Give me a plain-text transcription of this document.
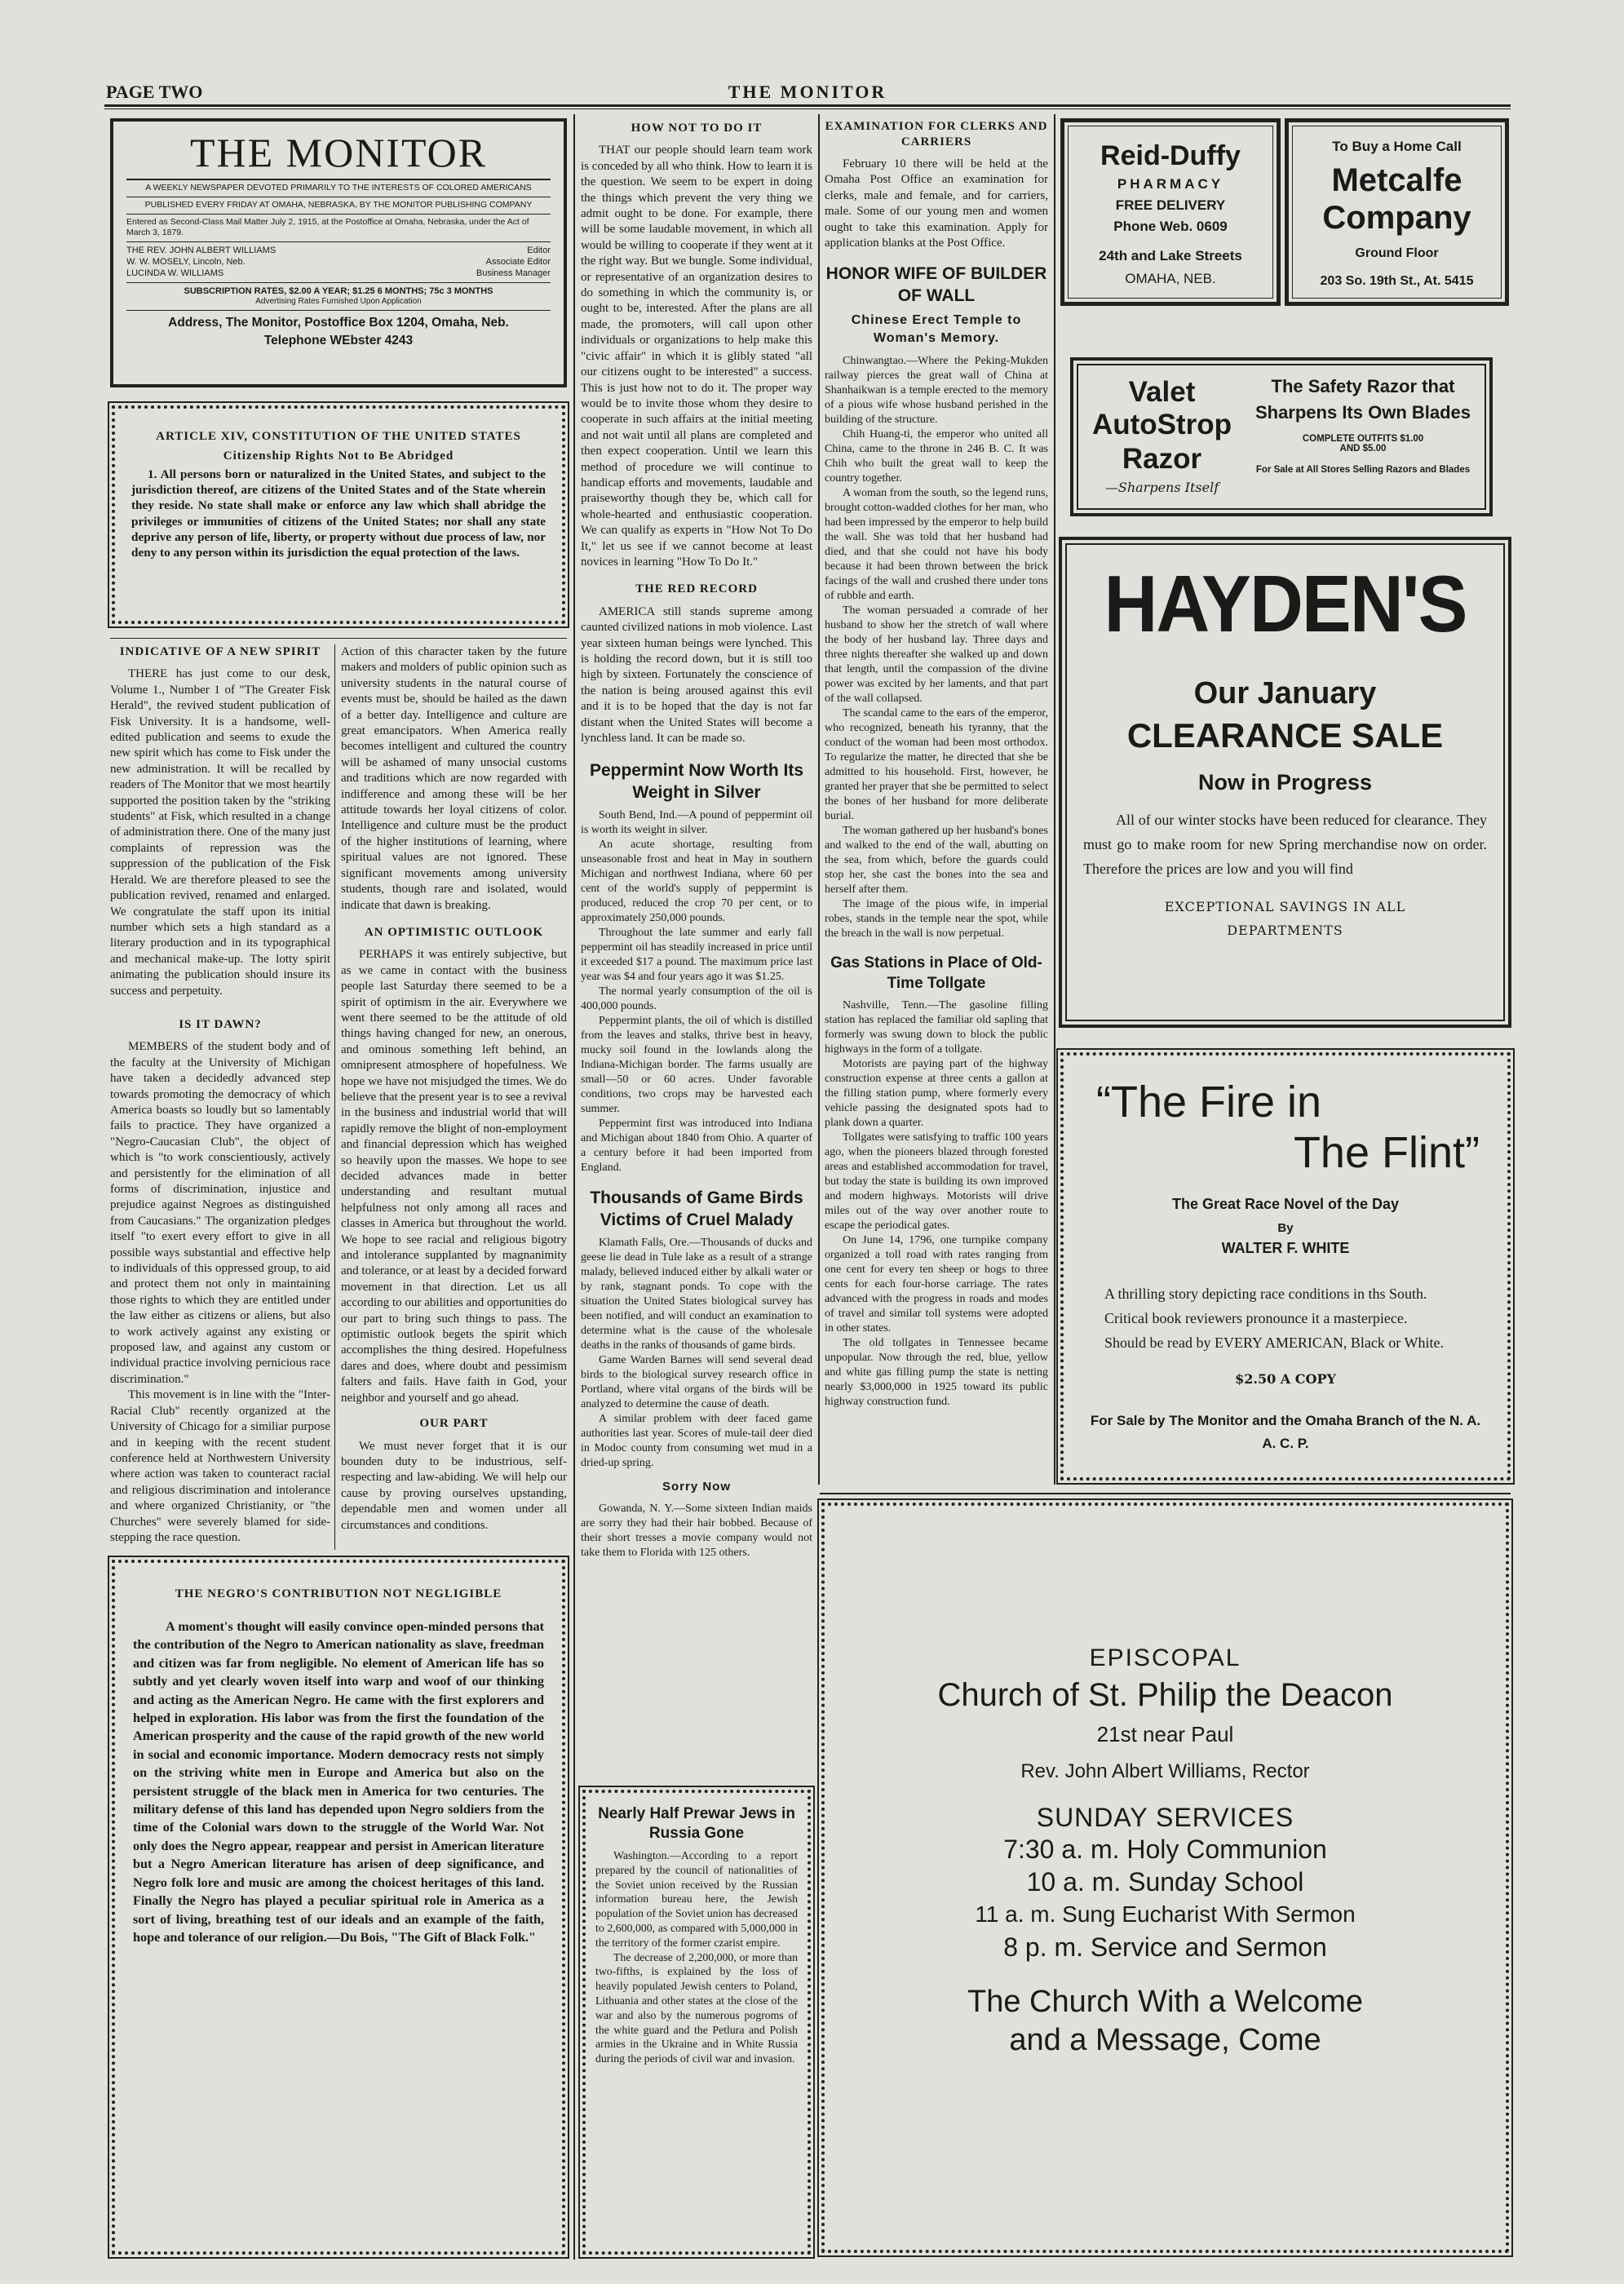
PAGE TWO	THE MONITOR
THE MONITOR
A WEEKLY NEWSPAPER DEVOTED PRIMARILY TO THE INTERESTS OF COLORED AMERICANS
PUBLISHED EVERY FRIDAY AT OMAHA, NEBRASKA, BY THE MONITOR PUBLISHING COMPANY
Entered as Second-Class Mail Matter July 2, 1915, at the Postoffice at Omaha, Nebraska, under the Act of March 3, 1879.
THE REV. JOHN ALBERT WILLIAMS	Editor
W. W. MOSELY, Lincoln, Neb.	Associate Editor
LUCINDA W. WILLIAMS	Business Manager
SUBSCRIPTION RATES, $2.00 A YEAR; $1.25 6 MONTHS; 75c 3 MONTHS
Advertising Rates Furnished Upon Application
Address, The Monitor, Postoffice Box 1204, Omaha, Neb.
Telephone WEbster 4243
ARTICLE XIV, CONSTITUTION OF THE UNITED STATES
Citizenship Rights Not to Be Abridged
1. All persons born or naturalized in the United States, and subject to the jurisdiction thereof, are citizens of the United States and of the State wherein they reside. No state shall make or enforce any law which shall abridge the privileges or immunities of citizens of the United States; nor shall any state deprive any person of life, liberty, or property without due process of law, nor deny to any person within its jurisdiction the equal protection of the laws.
INDICATIVE OF A NEW SPIRIT

THERE has just come to our desk, Volume 1., Number 1 of "The Greater Fisk Herald", the revived student publication of Fisk University. It is a handsome, well-edited publication and seems to exude the new spirit which has come to Fisk under the new administration. It will be recalled by readers of The Monitor that we most heartily supported the position taken by the "striking students" at Fisk, which resulted in a change of administration there. One of the many just complaints of repression was the suppression of the publication of the Fisk Herald. We are therefore pleased to see the publication revived, renamed and enlarged. We congratulate the staff upon its initial number which sets a high standard as a literary production and in its typographical and mechanical make-up. The lotty spirit animating the publication should insure its success and perpetuity.

IS IT DAWN?

MEMBERS of the student body and of the faculty at the University of Michigan have taken a decidedly advanced step towards promoting the democracy of which America boasts so loudly but so lamentably fails to practice. They have organized a "Negro-Caucasian Club", the object of which is "to work conscientiously, actively and persistently for the elimination of all forms of discrimination, injustice and prejudice against Negroes as distinguished from Caucasians." The organization pledges itself "to exert every effort to give in all possible ways substantial and effective help to individuals of this oppressed group, to aid and protect them not only in maintaining those rights to which they are entitled under the law either as citizens or aliens, but also to work actively against any existing or proposed law, and against any custom or individual practice involving pernicious race discrimination."

This movement is in line with the "Inter-Racial Club" recently organized at the University of Chicago for a similiar purpose and in keeping with the recent student conference held at Northwestern University where action was taken to counteract racial and religious discrimination and intolerance and where organized Christianity, or "the Churches" were severely blamed for side-stepping the race question.

Action of this character taken by the future makers and molders of public opinion such as university students in the natural course of events must be, should be hailed as the dawn of a better day. Intelligence and culture are great emancipators. When America really becomes intelligent and cultured the country will be ashamed of many unsocial customs and traditions which are now regarded with indifference and among these will be her attitude towards her loyal citizens of color. Intelligence and culture must be the product of the higher institutions of learning, where spiritual values are not ignored. These significant movements among university students, though rare and isolated, would indicate that dawn is breaking.

AN OPTIMISTIC OUTLOOK

PERHAPS it was entirely subjective, but as we came in contact with the business people last Saturday there seemed to be a spirit of optimism in the air. Everywhere we went there seemed to be the attitude of old things having changed for new, an onerous, and ominous something left behind, an omnipresent atmosphere of hopefulness. We hope we have not misjudged the times. We do believe that the present year is to see a revival in the business and industrial world that will rapidly remove the blight of non-employment and financial depression which has weighed so heavily upon the masses. We hope to see decided advances made in better understanding and resultant mutual helpfulness not only among all races and classes in America but throughout the world. We hope to see racial and religious bigotry and intolerance supplanted by magnanimity and tolerance, or at least by a decided forward movement in that direction. Let us all according to our abilities and opportunities do our part to bring such things to pass. The optimistic outlook begets the spirit which accomplishes the thing desired. Hopefulness dares and does, where doubt and pessimism falters and fails. Have faith in God, your neighbor and yourself and go ahead.

OUR PART

We must never forget that it is our bounden duty to be industrious, self-respecting and law-abiding. We will help our cause by proving ourselves upstanding, dependable men and women under all circumstances and conditions.

THE NEGRO'S CONTRIBUTION NOT NEGLIGIBLE
A moment's thought will easily convince open-minded persons that the contribution of the Negro to American nationality as slave, freedman and citizen was far from negligible. No element of American life has so subtly and yet clearly woven itself into warp and woof of our thinking and acting as the American Negro. He came with the first explorers and helped in exploration. His labor was from the first the foundation of the American prosperity and the cause of the rapid growth of the new world in social and economic importance. Modern democracy rests not simply on the striving white men in Europe and America but also on the persistent struggle of the black men in America for two centuries. The military defense of this land has depended upon Negro soldiers from the time of the Colonial wars down to the struggle of the World War. Not only does the Negro appear, reappear and persist in American literature but a Negro American literature has arisen of deep significance, and Negro folk lore and music are among the choicest heritages of this land. Finally the Negro has played a peculiar spiritual role in America as a sort of living, breathing test of our ideals and an example of the faith, hope and tolerance of our religion.—Du Bois, "The Gift of Black Folk."
HOW NOT TO DO IT

THAT our people should learn team work is conceded by all who think. How to learn it is the question. We seem to be expert in doing the things which prevent the very thing we admit ought to be done. For example, there will be some laudable movement, in which all would be willing to cooperate if they went at it the right way. But we bungle. Some individual, or representative of an organization desires to do something in which the community is, or ought to be, interested. After the plans are all made, the promoters, will call upon other individuals or organizations to help make this "civic affair" in which it is glibly stated "all our citizens ought to be interested" a success. This is just how not to do it. The proper way would be to invite those whom they desire to cooperate in such affairs at the initial meeting and not wait until all plans are completed and then expect cooperation. Until we learn this method of procedure we will continue to handicap efforts and movements, laudable and praiseworthy though they be, which call for whole-hearted and enthusiastic cooperation. We can qualify as experts in "How Not To Do It," let us see if we cannot become at least novices in learning "How To Do It."

THE RED RECORD

AMERICA still stands supreme among caunted civilized nations in mob violence. Last year sixteen human beings were lynched. This is holding the record down, but it is still too high by sixteen. Fortunately the conscience of the nation is being aroused against this evil and it is to be hoped that the day is not far distant when the United States will become a lynchless land. It can be made so.

Peppermint Now Worth Its Weight in Silver

South Bend, Ind.—A pound of peppermint oil is worth its weight in silver.

An acute shortage, resulting from unseasonable frost and heat in May in southern Michigan and northwest Indiana, where 60 per cent of the world's supply of peppermint is produced, reduced the crop 70 per cent, or to approximately 250,000 pounds.

Throughout the late summer and early fall peppermint oil has steadily increased in price until it exceeded $17 a pound. The maximum price last year was $4 and four years ago it was $1.25.

The normal yearly consumption of the oil is 400,000 pounds.

Peppermint plants, the oil of which is distilled from the leaves and stalks, thrive best in heavy, mucky soil found in the lowlands along the Indiana-Michigan border. The farms usually are small—50 or 60 acres. Under favorable conditions, two crops may be harvested each summer.

Peppermint first was introduced into Indiana and Michigan about 1840 from Ohio. A quarter of a century before it had been imported from England.

Thousands of Game Birds Victims of Cruel Malady

Klamath Falls, Ore.—Thousands of ducks and geese lie dead in Tule lake as a result of a strange malady, believed induced either by alkali water or by rank, stagnant ponds. To cope with the situation the United States biological survey has been notified, and will conduct an examination to determine what is the cause of the wholesale deaths in the ranks of thousands of game birds.

Game Warden Barnes will send several dead birds to the biological survey research office in Portland, where vital organs of the birds will be analyzed to determine the cause of death.

A similar problem with deer faced game authorities last year. Scores of mule-tail deer died in Modoc county from consuming wet mud in a dried-up spring.

Sorry Now

Gowanda, N. Y.—Some sixteen Indian maids are sorry they had their hair bobbed. Because of their short tresses a movie company would not take them to Florida with 125 others.

Nearly Half Prewar Jews in Russia Gone

Washington.—According to a report prepared by the council of nationalities of the Soviet union received by the Russian information bureau here, the Jewish population of the Soviet union has decreased to 2,600,000, as compared with 5,000,000 in the territory of the former czarist empire.

The decrease of 2,200,000, or more than two-fifths, is explained by the loss of heavily populated Jewish centers to Poland, Lithuania and other states at the close of the war and also by the numerous pogroms of the white guard and the Petlura and Polish armies in the Ukraine and in White Russia during the periods of civil war and invasion.

EXAMINATION FOR CLERKS AND CARRIERS

February 10 there will be held at the Omaha Post Office an examination for clerks, male and female, and for carriers, male. Some of our young men and women ought to take this examination. Apply for application blanks at the Post Office.

HONOR WIFE OF BUILDER OF WALL
Chinese Erect Temple to Woman's Memory.

Chinwangtao.—Where the Peking-Mukden railway pierces the great wall of China at Shanhaikwan is a temple erected to the memory of a pious wife whose husband perished in the building of the structure.

Chih Huang-ti, the emperor who united all China, came to the throne in 246 B. C. It was Chih who built the great wall to keep the country together.

A woman from the south, so the legend runs, brought cotton-wadded clothes for her man, who had been impressed by the emperor to help build the wall. She was told that her husband had died, and that she could not have his body because it had been thrown between the brick facings of the wall and crushed there under tons of rubble and earth.

The woman persuaded a comrade of her husband to show her the stretch of wall where the body of her husband lay. Three days and three nights thereafter she walked up and down that length, until the compassion of the divine power was excited by her laments, and that part of the wall collapsed.

The scandal came to the ears of the emperor, who recognized, beneath his tyranny, that the conduct of the woman had been most orthodox. To regularize the matter, he directed that she be admitted to his household. First, however, he granted her prayer that she be permitted to select the bones of her husband for more deliberate burial.

The woman gathered up her husband's bones and walked to the end of the wall, abutting on the sea, from which, before the guards could stop her, she cast the bones into the sea and herself after them.

The image of the pious wife, in imperial robes, stands in the temple near the spot, while the breach in the wall is now perpetual.

Gas Stations in Place of Old-Time Tollgate

Nashville, Tenn.—The gasoline filling station has replaced the familiar old sapling that formerly was swung down to block the public highways in the form of a tollgate.

Motorists are paying part of the highway construction expense at three cents a gallon at the filling station pump, where formerly every vehicle passing the designated spots had to plank down a quarter.

Tollgates were satisfying to traffic 100 years ago, when the pioneers blazed through forested areas and established accommodation for travel, but today the state is building its own improved and modern highways. Motorists will drive miles out of the way over another route to escape the periodical gates.

On June 14, 1796, one turnpike company organized a toll road with rates ranging from one cent for every ten sheep or hogs to three cents for each four-horse carriage. The rates advanced with the progress in roads and modes of travel and similar toll systems were adopted in other states.

The old tollgates in Tennessee became unpopular. Now through the red, blue, yellow and white gas filling pump the state is netting nearly $3,000,000 in 1925 toward its public highway construction fund.

Reid-Duffy
PHARMACY
FREE DELIVERY
Phone Web. 0609
24th and Lake Streets
OMAHA, NEB.
To Buy a Home Call
Metcalfe
Company
Ground Floor
203 So. 19th St., At. 5415
Valet
AutoStrop
Razor
—Sharpens Itself
The Safety Razor that Sharpens Its Own Blades
COMPLETE OUTFITS $1.00
AND $5.00
For Sale at All Stores Selling Razors and Blades
HAYDEN'S
Our January
CLEARANCE SALE
Now in Progress
All of our winter stocks have been reduced for clearance. They must go to make room for new Spring merchandise now on order. Therefore the prices are low and you will find
EXCEPTIONAL SAVINGS IN ALL
DEPARTMENTS
“The Fire in
The Flint”
The Great Race Novel of the Day
By
WALTER F. WHITE
A thrilling story depicting race conditions in ths South.
Critical book reviewers pronounce it a masterpiece.
Should be read by EVERY AMERICAN, Black or White.
$2.50 A COPY
For Sale by The Monitor and the Omaha Branch of the N. A. A. C. P.
EPISCOPAL
Church of St. Philip the Deacon
21st near Paul
Rev. John Albert Williams, Rector
SUNDAY SERVICES
7:30 a. m. Holy Communion
10 a. m. Sunday School
11 a. m. Sung Eucharist With Sermon
8 p. m. Service and Sermon
The Church With a Welcome
and a Message, Come
